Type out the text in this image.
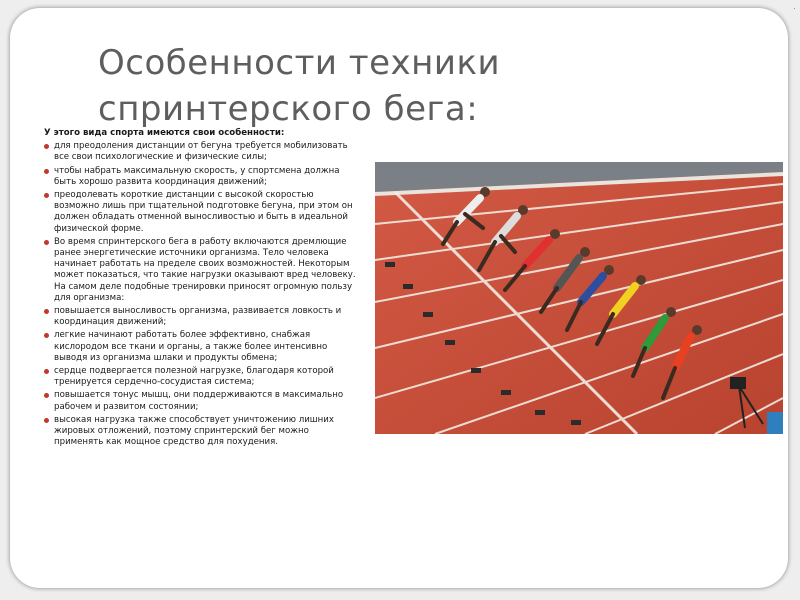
.
Особенности техники
спринтерского бега:

У этого вида спорта имеются свои особенности:

для преодоления дистанции от бегуна требуется мобилизовать все свои психологические и физические силы;
чтобы набрать максимальную скорость, у спортсмена должна быть хорошо развита координация движений;
преодолевать короткие дистанции с высокой скоростью возможно лишь при тщательной подготовке бегуна, при этом он должен обладать отменной выносливостью и быть в идеальной физической форме.
Во время спринтерского бега в работу включаются дремлющие ранее энергетические источники организма. Тело человека начинает работать на пределе своих возможностей. Некоторым может показаться, что такие нагрузки оказывают вред человеку. На самом деле подобные тренировки приносят огромную пользу для организма:
повышается выносливость организма, развивается ловкость и координация движений;
легкие начинают работать более эффективно, снабжая кислородом все ткани и органы, а также более интенсивно выводя из организма шлаки и продукты обмена;
сердце подвергается полезной нагрузке, благодаря которой тренируется сердечно-сосудистая система;
повышается тонус мышц, они поддерживаются в максимально рабочем и развитом состоянии;
высокая нагрузка также способствует уничтожению лишних жировых отложений, поэтому спринтерский бег можно применять как мощное средство для похудения.
